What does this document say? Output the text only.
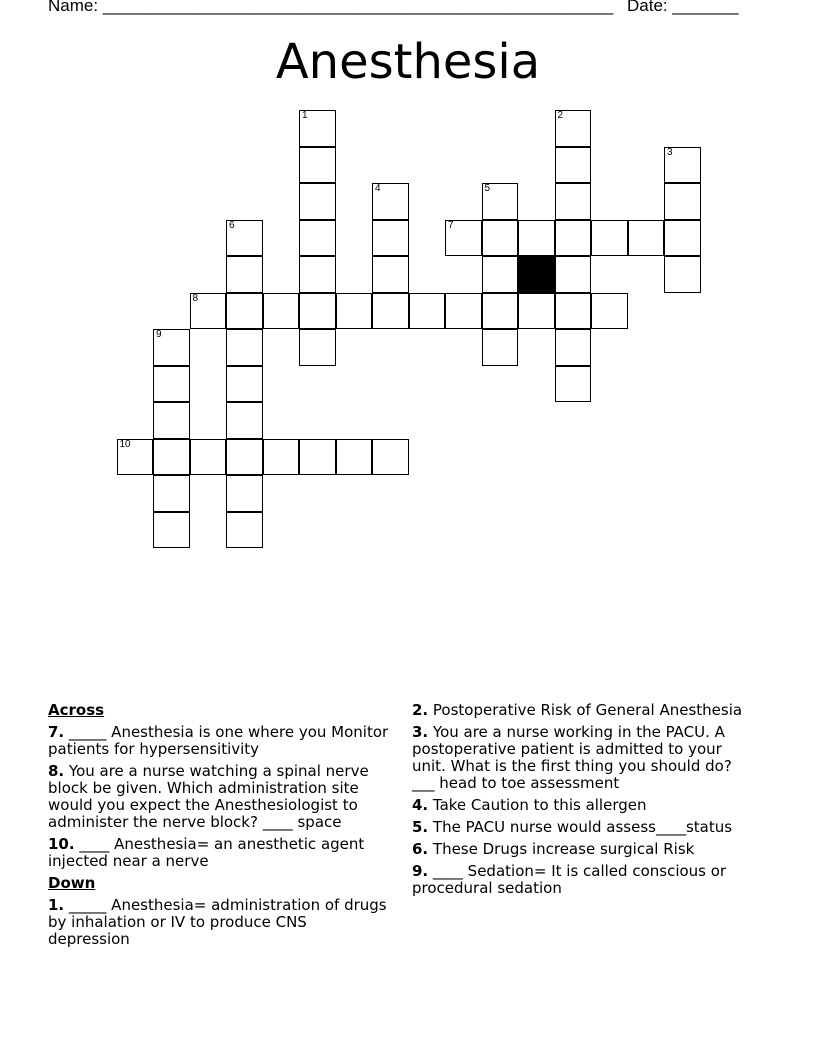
Name: ______________________________________________________ Date: _______
Anesthesia
1	2
3
4	5
7
6
8
9
10
Across
7. _____ Anesthesia is one where you Monitor patients for hypersensitivity
8. You are a nurse watching a spinal nerve block be given. Which administration site would you expect the Anesthesiologist to administer the nerve block? ____ space
10. ____ Anesthesia= an anesthetic agent injected near a nerve
Down
1. _____ Anesthesia= administration of drugs by inhalation or IV to produce CNS depression
2. Postoperative Risk of General Anesthesia
3. You are a nurse working in the PACU. A postoperative patient is admitted to your unit. What is the first thing you should do? ___ head to toe assessment
4. Take Caution to this allergen
5. The PACU nurse would assess____status
6. These Drugs increase surgical Risk
9. ____ Sedation= It is called conscious or procedural sedation
